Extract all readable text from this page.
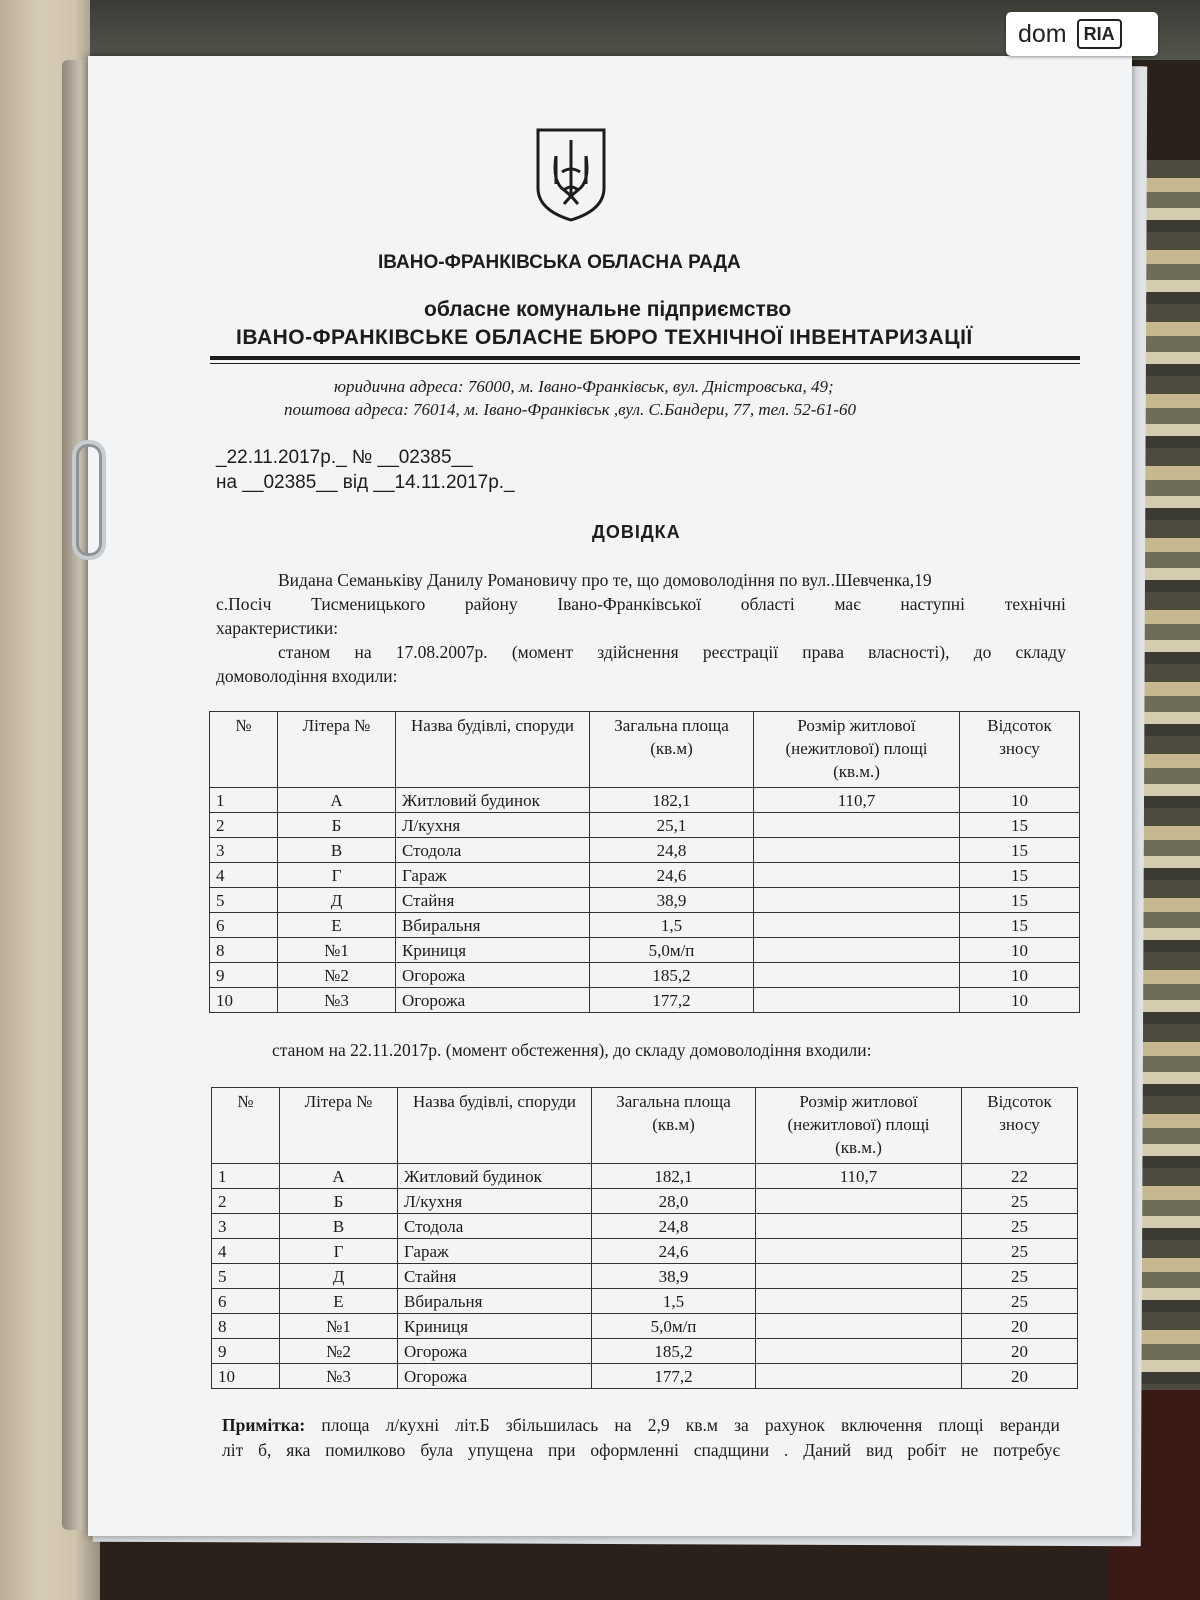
dom RIA
ІВАНО-ФРАНКІВСЬКА ОБЛАСНА РАДА
обласне комунальне підприємство
ІВАНО-ФРАНКІВСЬКЕ ОБЛАСНЕ БЮРО ТЕХНІЧНОЇ ІНВЕНТАРИЗАЦІЇ
юридична адреса: 76000, м. Івано-Франківськ, вул. Дністровська, 49;
поштова адреса: 76014, м. Івано-Франківськ ,вул. С.Бандери, 77, тел. 52-61-60
_22.11.2017р._ № __02385__
на __02385__ від __14.11.2017р._
ДОВІДКА
Видана Семаньківу Данилу Романовичу про те, що домоволодіння по вул..Шевченка,19
с.Посіч Тисменицького району Івано-Франківської області має наступні технічні
характеристики:
станом на 17.08.2007р. (момент здійснення реєстрації права власності), до складу
домоволодіння входили:
№	Літера №	Назва будівлі, споруди	Загальна площа (кв.м)	Розмір житлової (нежитлової) площі (кв.м.)	Відсоток зносу
1	А	Житловий будинок	182,1	110,7	10
2	Б	Л/кухня	25,1		15
3	В	Стодола	24,8		15
4	Г	Гараж	24,6		15
5	Д	Стайня	38,9		15
6	Е	Вбиральня	1,5		15
8	№1	Криниця	5,0м/п		10
9	№2	Огорожа	185,2		10
10	№3	Огорожа	177,2		10
станом на 22.11.2017р. (момент обстеження), до складу домоволодіння входили:
№	Літера №	Назва будівлі, споруди	Загальна площа (кв.м)	Розмір житлової (нежитлової) площі (кв.м.)	Відсоток зносу
1	А	Житловий будинок	182,1	110,7	22
2	Б	Л/кухня	28,0		25
3	В	Стодола	24,8		25
4	Г	Гараж	24,6		25
5	Д	Стайня	38,9		25
6	Е	Вбиральня	1,5		25
8	№1	Криниця	5,0м/п		20
9	№2	Огорожа	185,2		20
10	№3	Огорожа	177,2		20
Примітка: площа л/кухні літ.Б збільшилась на 2,9 кв.м за рахунок включення площі веранди
літ б, яка помилково була упущена при оформленні спадщини . Даний вид робіт не потребує
